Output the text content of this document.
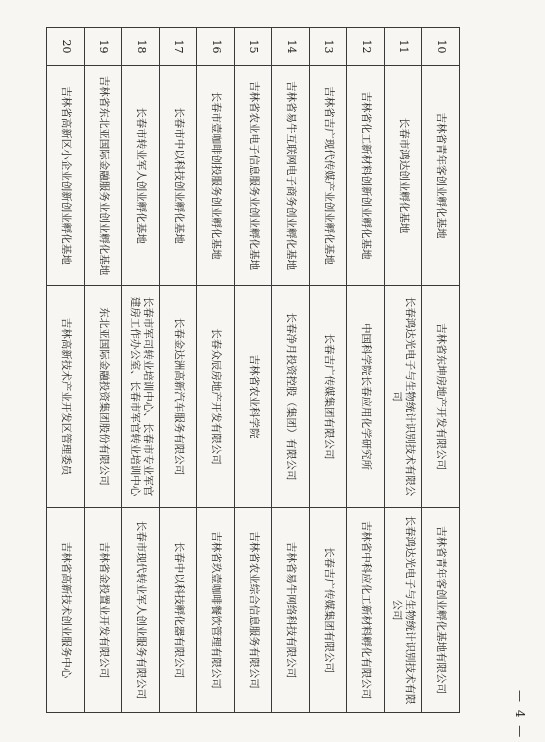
10	吉林省青年客创业孵化基地	吉林省东坤房地产开发有限公司	吉林省青年客创业孵化基地有限公司
11	长春市鸿达创业孵化基地	长春鸿达光电子与生物统计识别技术有限公司	长春鸿达光电子与生物统计识别技术有限公司
12	吉林省化工新材料创新创业孵化基地	中国科学院长春应用化学研究所	吉林省中科应化工新材料孵化有限公司
13	吉林省吉广现代传媒产业创业孵化基地	长春吉广传媒集团有限公司	长春吉广传媒集团有限公司
14	吉林省易牛互联网电子商务创业孵化基地	长春净月投资控股（集团）有限公司	吉林省易牛网络科技有限公司
15	吉林省农业电子信息服务业创业孵化基地	吉林省农业科学院	吉林省农业综合信息服务有限公司
16	长春市壹咖啡创投服务创业孵化基地	长春众辰房地产开发有限公司	吉林省玖壹咖啡餐饮管理有限公司
17	长春市中以科技创业孵化基地	长春金达洲高新汽车服务有限公司	长春中以科技孵化器有限公司
18	长春市转业军人创业孵化基地	长春市军司转业培训中心、长春市专业军官建房工作办公室、长春市军官转业培训中心	长春市现代转业军人创业服务有限公司
19	吉林省东北亚国际金融服务业创业孵化基地	东北亚国际金融投资集团股份有限公司	吉林省金投置业开发有限公司
20	吉林省高新区小企业创新创业孵化基地	吉林高新技术产业开发区管理委员	吉林省高新技术创业服务中心
— 4 —
